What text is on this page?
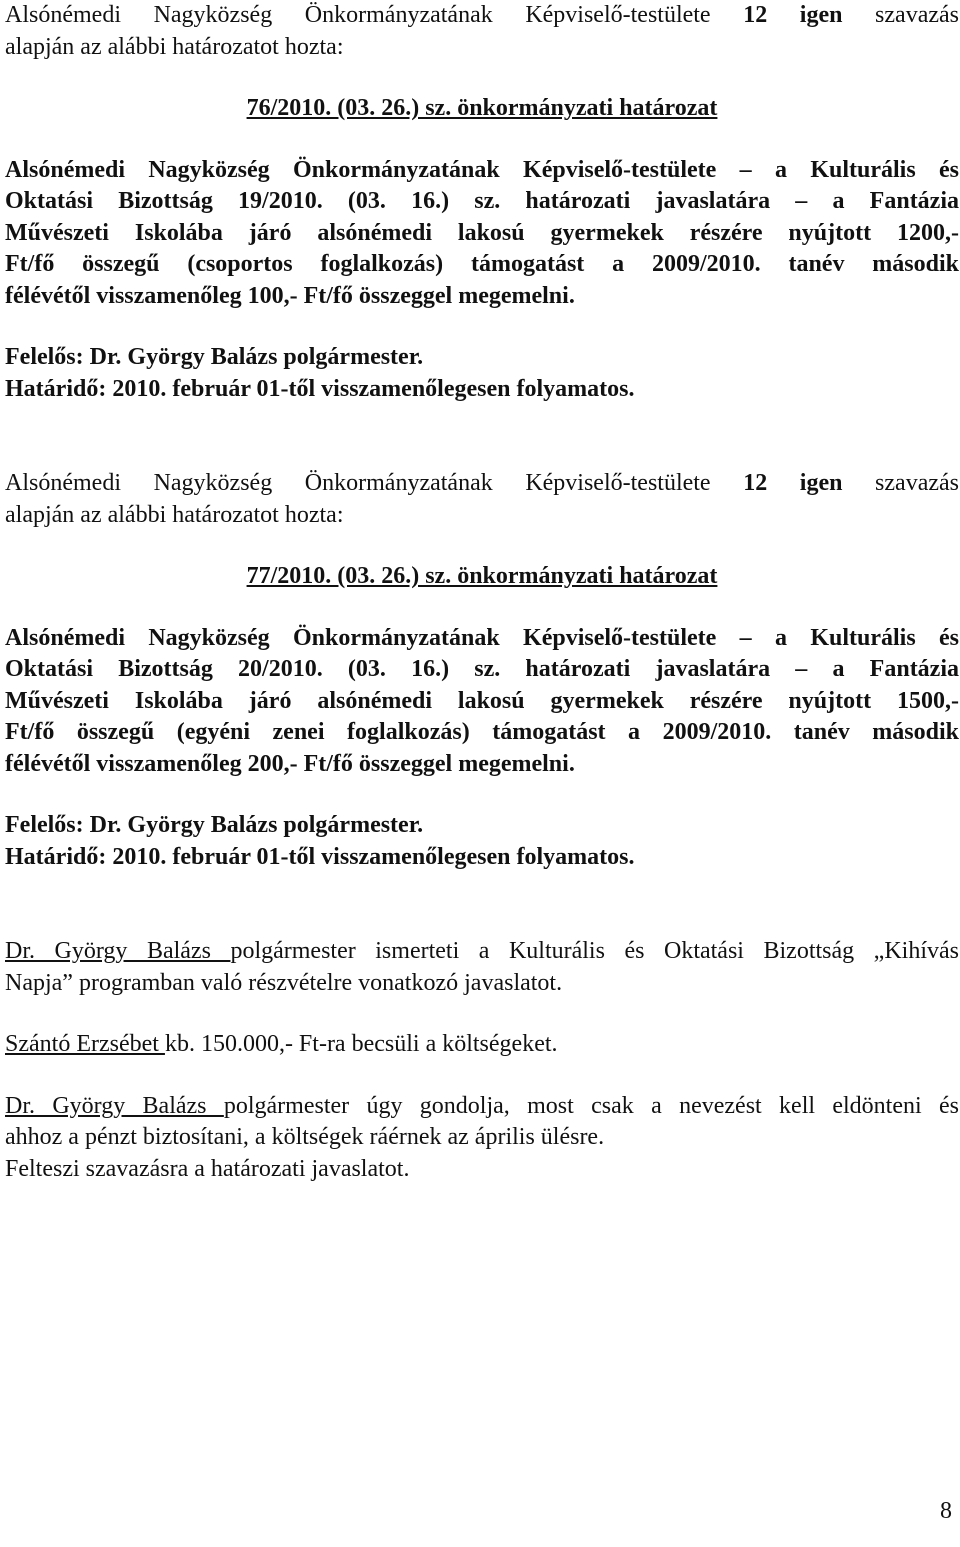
Alsónémedi Nagyközség Önkormányzatának Képviselő-testülete 12 igen szavazás
alapján az alábbi határozatot hozta:

76/2010. (03. 26.) sz. önkormányzati határozat

Alsónémedi Nagyközség Önkormányzatának Képviselő-testülete – a Kulturális és
Oktatási Bizottság 19/2010. (03. 16.) sz. határozati javaslatára – a Fantázia
Művészeti Iskolába járó alsónémedi lakosú gyermekek részére nyújtott 1200,-
Ft/fő összegű (csoportos foglalkozás) támogatást a 2009/2010. tanév második
félévétől visszamenőleg 100,- Ft/fő összeggel megemelni.

Felelős: Dr. György Balázs polgármester.

Határidő: 2010. február 01-től visszamenőlegesen folyamatos.

Alsónémedi Nagyközség Önkormányzatának Képviselő-testülete 12 igen szavazás
alapján az alábbi határozatot hozta:

77/2010. (03. 26.) sz. önkormányzati határozat

Alsónémedi Nagyközség Önkormányzatának Képviselő-testülete – a Kulturális és
Oktatási Bizottság 20/2010. (03. 16.) sz. határozati javaslatára – a Fantázia
Művészeti Iskolába járó alsónémedi lakosú gyermekek részére nyújtott 1500,-
Ft/fő összegű (egyéni zenei foglalkozás) támogatást a 2009/2010. tanév második
félévétől visszamenőleg 200,- Ft/fő összeggel megemelni.

Felelős: Dr. György Balázs polgármester.

Határidő: 2010. február 01-től visszamenőlegesen folyamatos.

Dr. György Balázs polgármester ismerteti a Kulturális és Oktatási Bizottság „Kihívás
Napja” programban való részvételre vonatkozó javaslatot.

Szántó Erzsébet kb. 150.000,- Ft-ra becsüli a költségeket.

Dr. György Balázs polgármester úgy gondolja, most csak a nevezést kell eldönteni és
ahhoz a pénzt biztosítani, a költségek ráérnek az április ülésre.
Felteszi szavazásra a határozati javaslatot.

8
